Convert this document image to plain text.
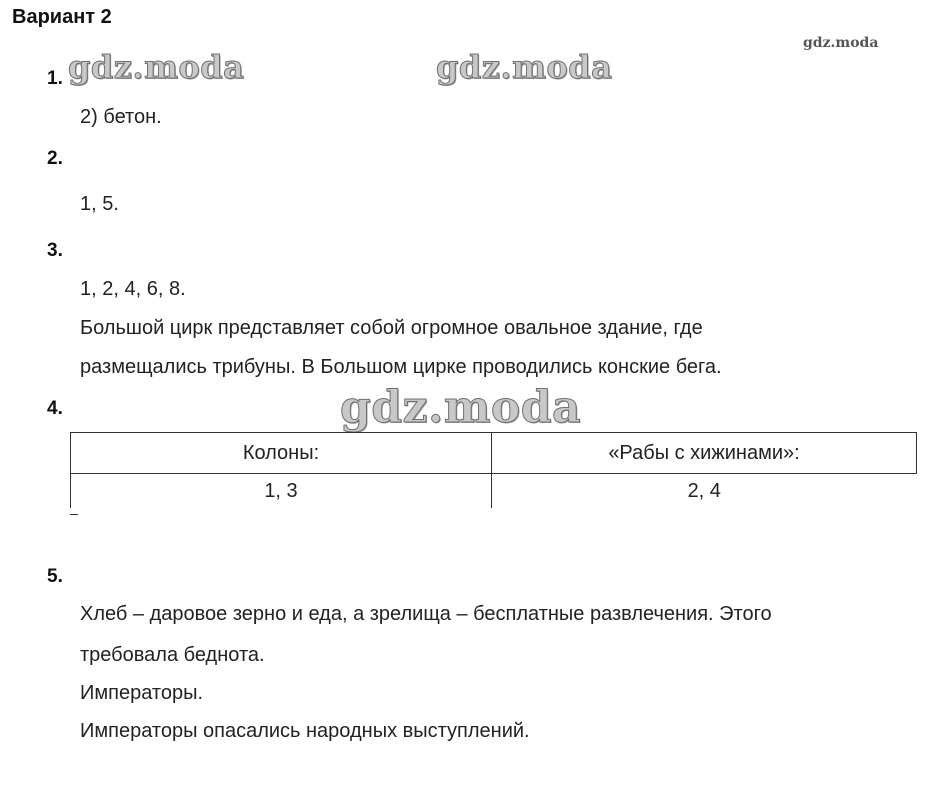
Вариант 2
gdz.moda
gdz.moda	gdz.moda
1.
2) бетон.
2.
1, 5.
3.
1, 2, 4, 6, 8.
Большой цирк представляет собой огромное овальное здание, где
размещались трибуны. В Большом цирке проводились конские бега.
4.	gdz.moda
Колоны:	«Рабы с хижинами»:
1, 3	2, 4
5.
Хлеб – даровое зерно и еда, а зрелища – бесплатные развлечения. Этого
требовала беднота.
Императоры.
Императоры опасались народных выступлений.
